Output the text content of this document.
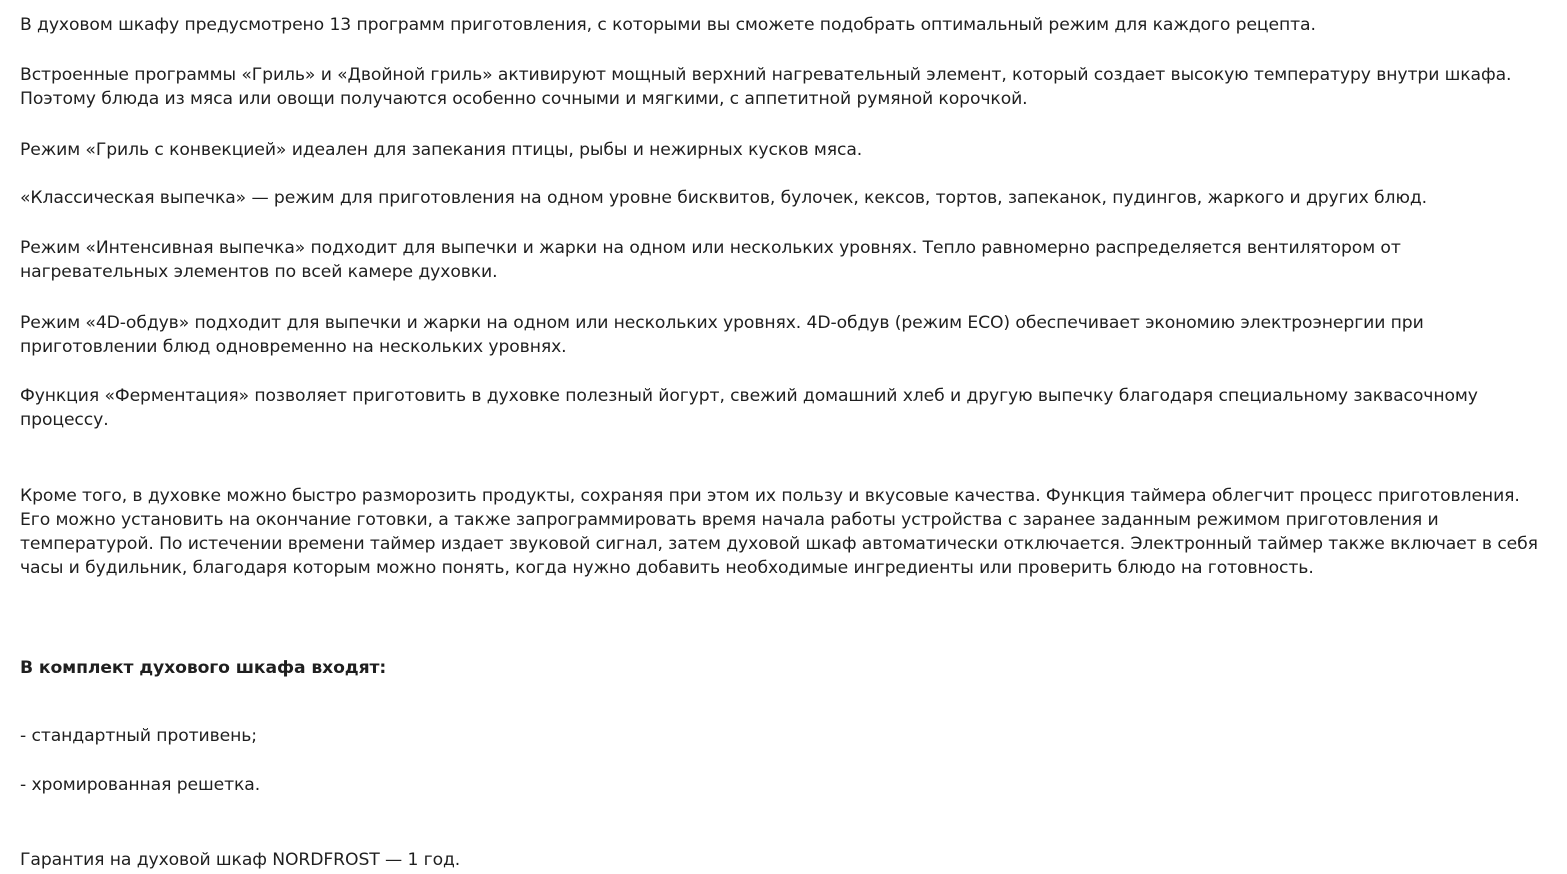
В духовом шкафу предусмотрено 13 программ приготовления, с которыми вы сможете подобрать оптимальный режим для каждого рецепта.

Встроенные программы «Гриль» и «Двойной гриль» активируют мощный верхний нагревательный элемент, который создает высокую температуру внутри шкафа. Поэтому блюда из мяса или овощи получаются особенно сочными и мягкими, с аппетитной румяной корочкой.

Режим «Гриль с конвекцией» идеален для запекания птицы, рыбы и нежирных кусков мяса.

«Классическая выпечка» — режим для приготовления на одном уровне бисквитов, булочек, кексов, тортов, запеканок, пудингов, жаркого и других блюд.

Режим «Интенсивная выпечка» подходит для выпечки и жарки на одном или нескольких уровнях. Тепло равномерно распределяется вентилятором от нагревательных элементов по всей камере духовки.

Режим «4D-обдув» подходит для выпечки и жарки на одном или нескольких уровнях. 4D-обдув (режим ECO) обеспечивает экономию электроэнергии при приготовлении блюд одновременно на нескольких уровнях.

Функция «Ферментация» позволяет приготовить в духовке полезный йогурт, свежий домашний хлеб и другую выпечку благодаря специальному заквасочному процессу.

Кроме того, в духовке можно быстро разморозить продукты, сохраняя при этом их пользу и вкусовые качества. Функция таймера облегчит процесс приготовления. Его можно установить на окончание готовки, а также запрограммировать время начала работы устройства с заранее заданным режимом приготовления и температурой. По истечении времени таймер издает звуковой сигнал, затем духовой шкаф автоматически отключается. Электронный таймер также включает в себя часы и будильник, благодаря которым можно понять, когда нужно добавить необходимые ингредиенты или проверить блюдо на готовность.

В комплект духового шкафа входят:

- стандартный противень;

- хромированная решетка.

Гарантия на духовой шкаф NORDFROST — 1 год.
